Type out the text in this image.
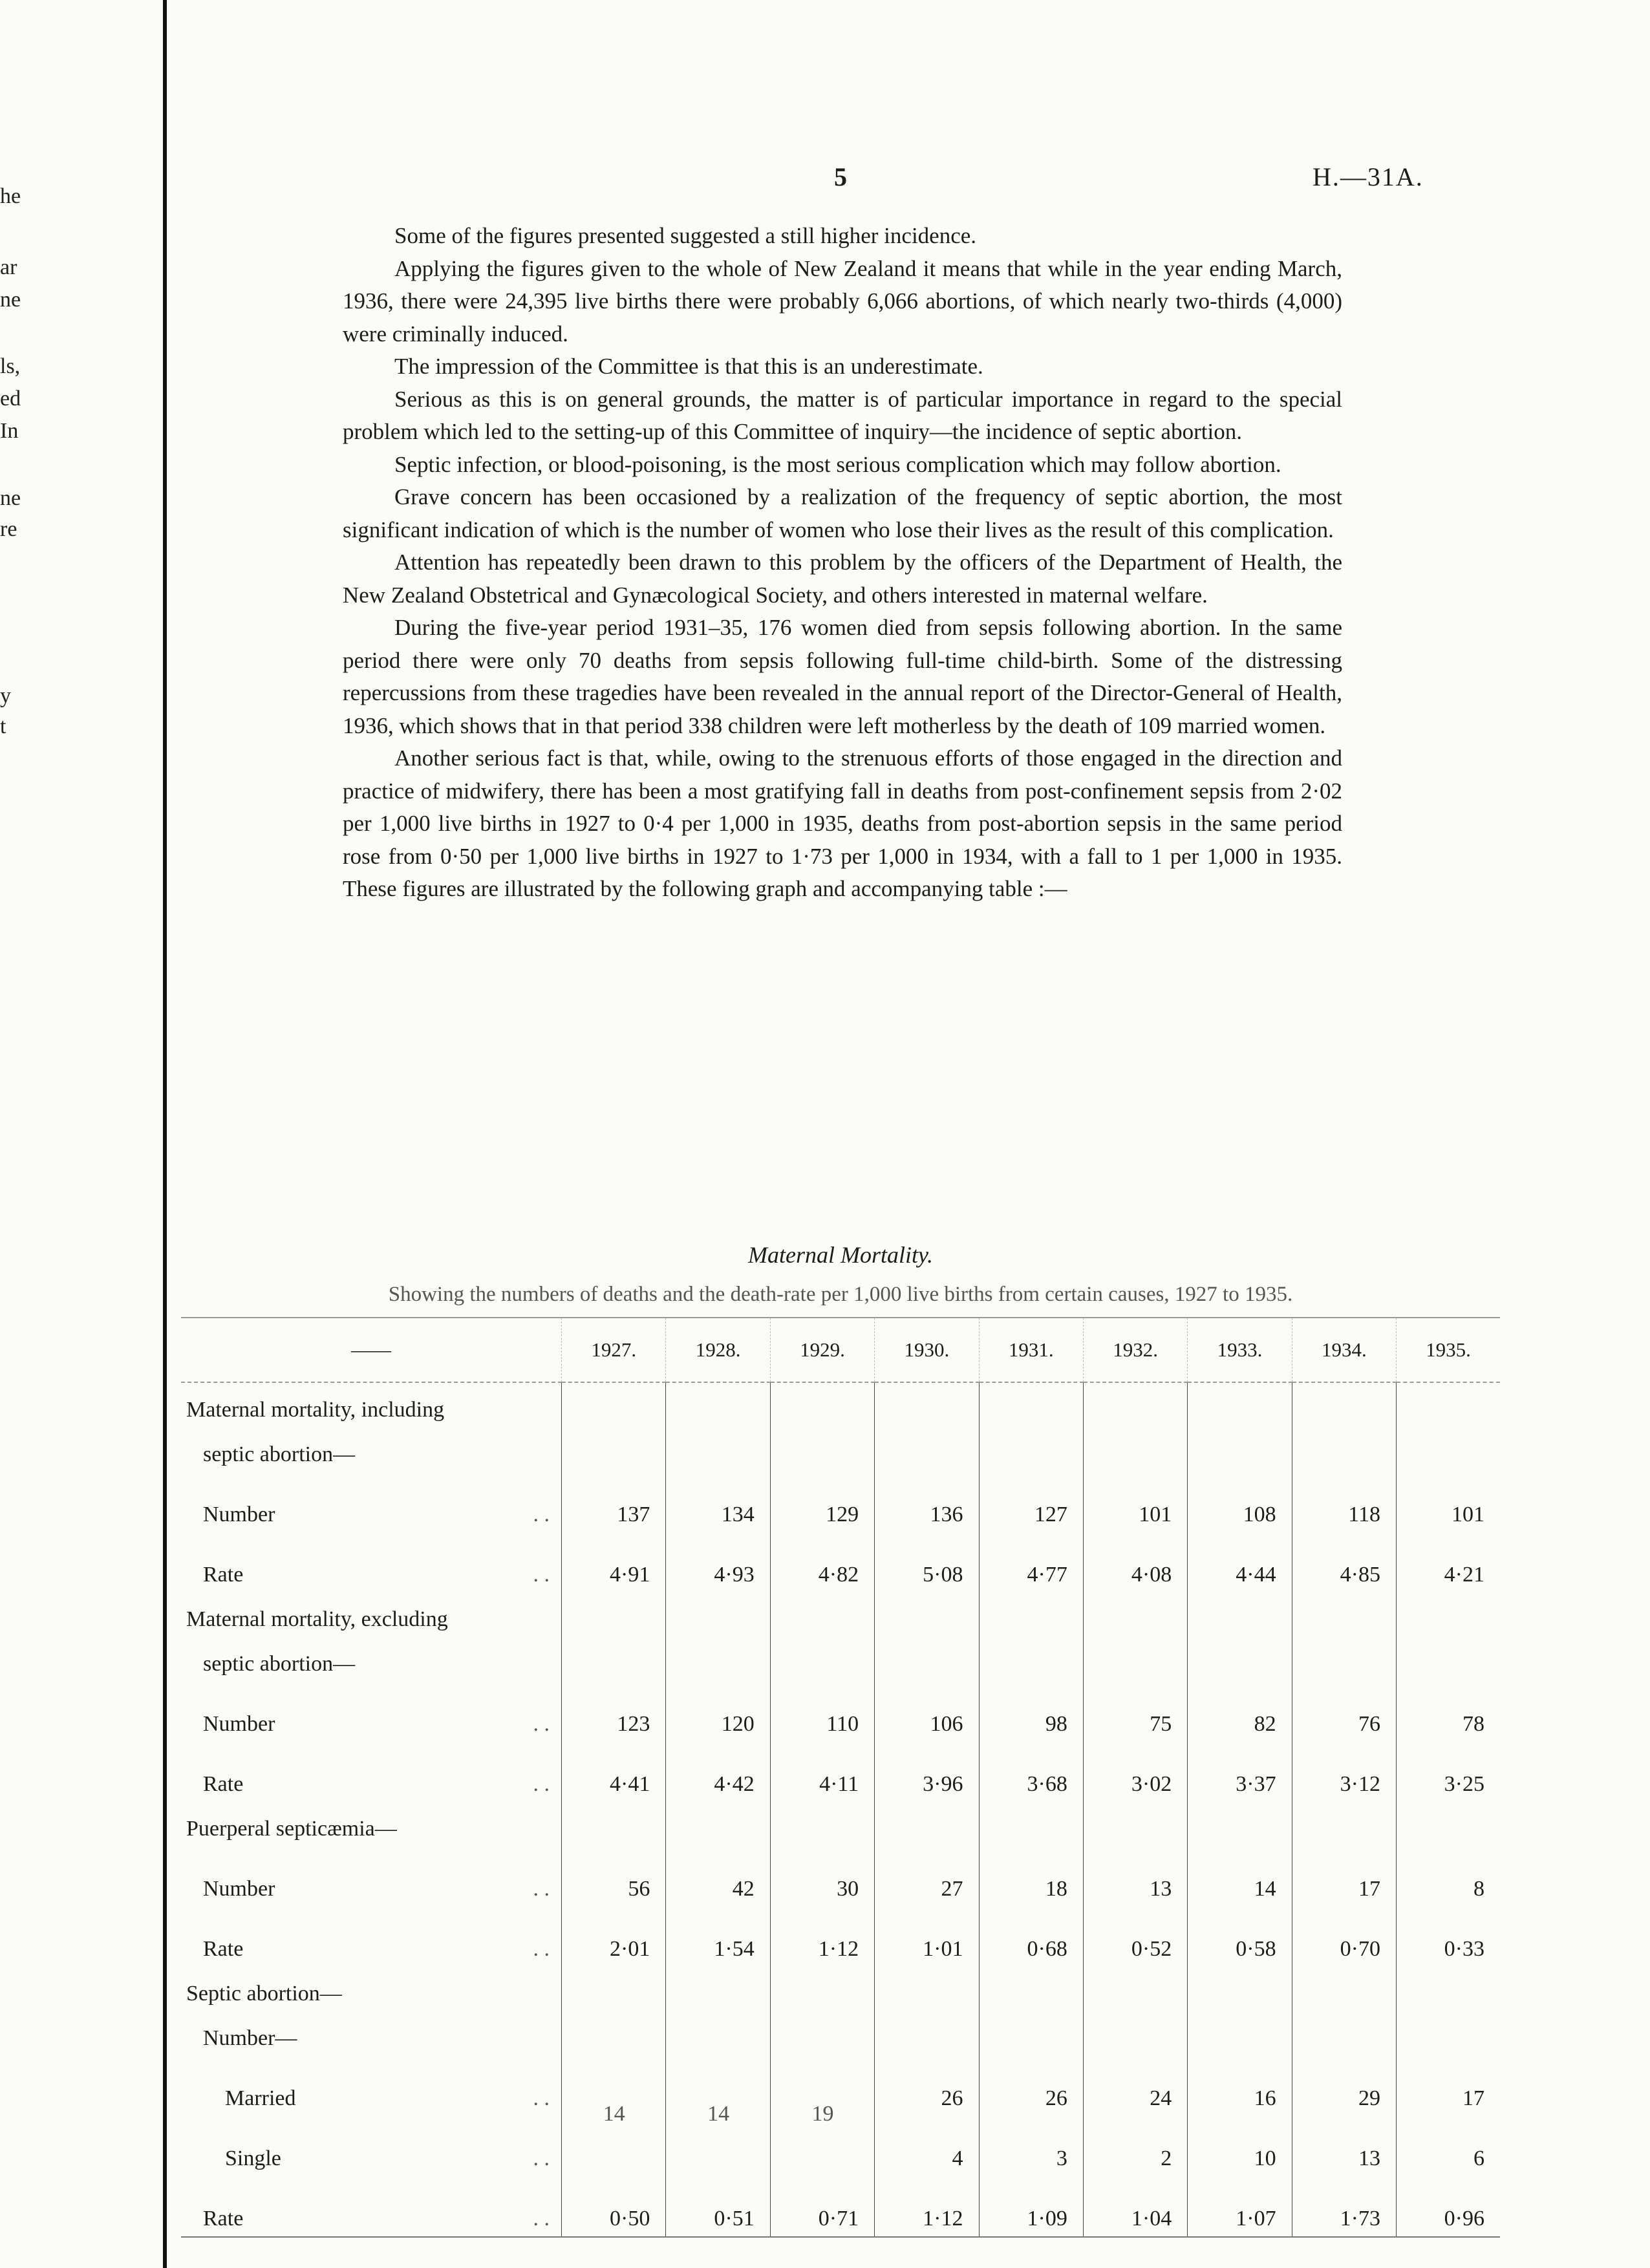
he
ar
ne
ls,
ed
In
ne
re
y
t
5	H.—31A.

Some of the figures presented suggested a still higher incidence.

Applying the figures given to the whole of New Zealand it means that while in the year ending March, 1936, there were 24,395 live births there were probably 6,066 abortions, of which nearly two-thirds (4,000) were criminally induced.

The impression of the Committee is that this is an underestimate.

Serious as this is on general grounds, the matter is of particular importance in regard to the special problem which led to the setting-up of this Committee of inquiry—the incidence of septic abortion.

Septic infection, or blood-poisoning, is the most serious complication which may follow abortion.

Grave concern has been occasioned by a realization of the frequency of septic abortion, the most significant indication of which is the number of women who lose their lives as the result of this complication.

Attention has repeatedly been drawn to this problem by the officers of the Department of Health, the New Zealand Obstetrical and Gynæcological Society, and others interested in maternal welfare.

During the five-year period 1931–35, 176 women died from sepsis following abortion. In the same period there were only 70 deaths from sepsis following full-time child-birth. Some of the distressing repercussions from these tragedies have been revealed in the annual report of the Director-General of Health, 1936, which shows that in that period 338 children were left motherless by the death of 109 married women.

Another serious fact is that, while, owing to the strenuous efforts of those engaged in the direction and practice of midwifery, there has been a most gratifying fall in deaths from post-confinement sepsis from 2·02 per 1,000 live births in 1927 to 0·4 per 1,000 in 1935, deaths from post-abortion sepsis in the same period rose from 0·50 per 1,000 live births in 1927 to 1·73 per 1,000 in 1934, with a fall to 1 per 1,000 in 1935. These figures are illustrated by the following graph and accompanying table :—

Maternal Mortality.
Showing the numbers of deaths and the death-rate per 1,000 live births from certain causes, 1927 to 1935.
——	1927.	1928.	1929.	1930.	1931.	1932.	1933.	1934.	1935.
Maternal mortality, including									
septic abortion—									
Number . .	137	134	129	136	127	101	108	118	101
Rate . .	4·91	4·93	4·82	5·08	4·77	4·08	4·44	4·85	4·21
Maternal mortality, excluding									
septic abortion—									
Number . .	123	120	110	106	98	75	82	76	78
Rate . .	4·41	4·42	4·11	3·96	3·68	3·02	3·37	3·12	3·25
Puerperal septicæmia—									
Number . .	56	42	30	27	18	13	14	17	8
Rate . .	2·01	1·54	1·12	1·01	0·68	0·52	0·58	0·70	0·33
Septic abortion—									
Number—									
Married . .	14	14	19	26	26	24	16	29	17
Single . .				4	3	2	10	13	6
Rate . .	0·50	0·51	0·71	1·12	1·09	1·04	1·07	1·73	0·96
